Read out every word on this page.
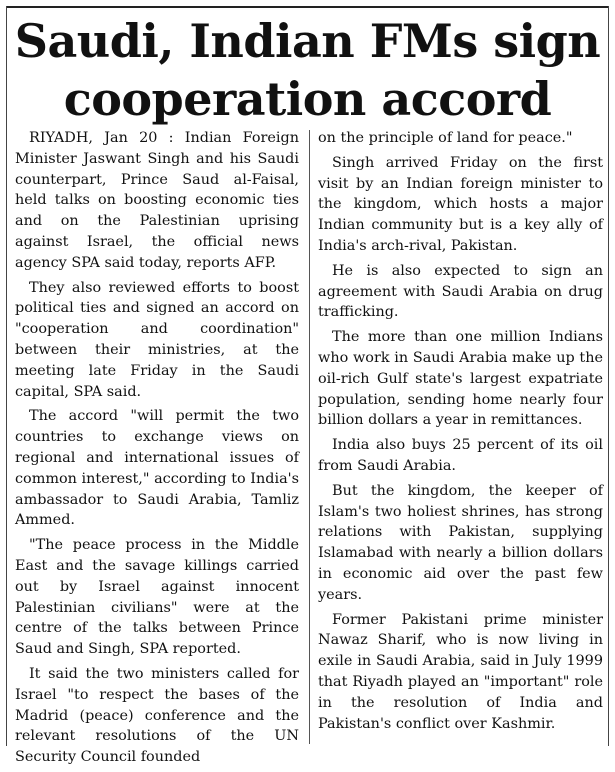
Saudi, Indian FMs sign cooperation accord

RIYADH, Jan 20 : Indian Foreign Minister Jaswant Singh and his Saudi counterpart, Prince Saud al-Faisal, held talks on boosting economic ties and on the Palestinian uprising against Israel, the official news agency SPA said today, reports AFP.

They also reviewed efforts to boost political ties and signed an accord on "cooperation and coordination" between their ministries, at the meeting late Friday in the Saudi capital, SPA said.

The accord "will permit the two countries to exchange views on regional and international issues of common interest," according to India's ambassador to Saudi Arabia, Tamliz Ammed.

"The peace process in the Middle East and the savage killings carried out by Israel against innocent Palestinian civilians" were at the centre of the talks between Prince Saud and Singh, SPA reported.

It said the two ministers called for Israel "to respect the bases of the Madrid (peace) conference and the relevant resolutions of the UN Security Council founded

on the principle of land for peace."

Singh arrived Friday on the first visit by an Indian foreign minister to the kingdom, which hosts a major Indian community but is a key ally of India's arch-rival, Pakistan.

He is also expected to sign an agreement with Saudi Arabia on drug trafficking.

The more than one million Indians who work in Saudi Arabia make up the oil-rich Gulf state's largest expatriate population, sending home nearly four billion dollars a year in remittances.

India also buys 25 percent of its oil from Saudi Arabia.

But the kingdom, the keeper of Islam's two holiest shrines, has strong relations with Pakistan, supplying Islamabad with nearly a billion dollars in economic aid over the past few years.

Former Pakistani prime minister Nawaz Sharif, who is now living in exile in Saudi Arabia, said in July 1999 that Riyadh played an "important" role in the resolution of India and Pakistan's conflict over Kashmir.
